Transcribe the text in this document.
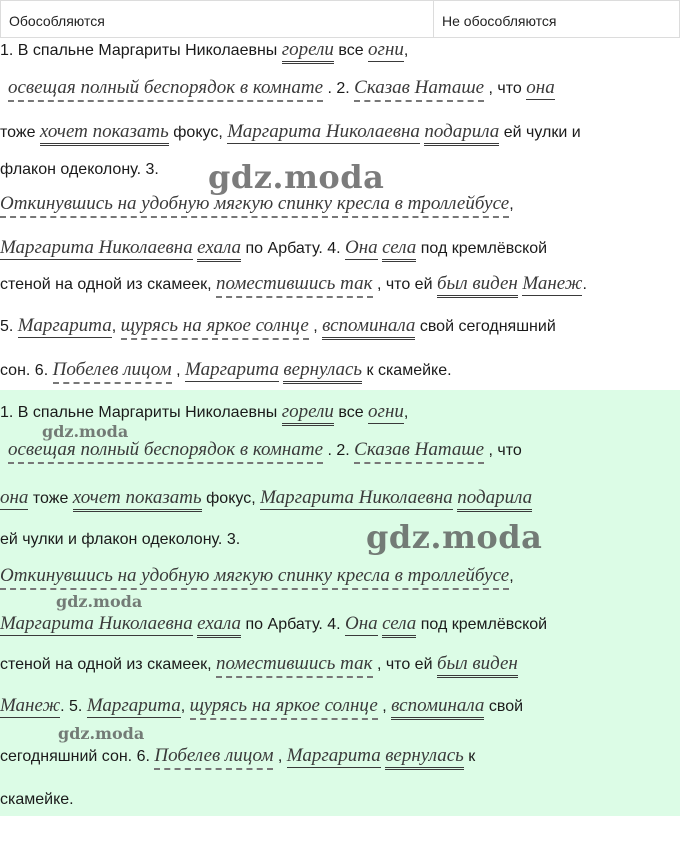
Обособляются	Не обособляются
1. В спальне Маргариты Николаевны горели все огни,
освещая полный беспорядок в комнате . 2. Сказав Наташе , что она
тоже хочет показать фокус, Маргарита Николаевна подарила ей чулки и
флакон одеколону. 3.
Откинувшись на удобную мягкую спинку кресла в троллейбусе,
Маргарита Николаевна ехала по Арбату. 4. Она села под кремлёвской
стеной на одной из скамеек, поместившись так , что ей был виден Манеж.
5. Маргарита, щурясь на яркое солнце , вспоминала свой сегодняшний
сон. 6. Побелев лицом , Маргарита вернулась к скамейке.
gdz.moda
1. В спальне Маргариты Николаевны горели все огни,
освещая полный беспорядок в комнате . 2. Сказав Наташе , что
она тоже хочет показать фокус, Маргарита Николаевна подарила
ей чулки и флакон одеколону. 3.
Откинувшись на удобную мягкую спинку кресла в троллейбусе,
Маргарита Николаевна ехала по Арбату. 4. Она села под кремлёвской
стеной на одной из скамеек, поместившись так , что ей был виден
Манеж. 5. Маргарита, щурясь на яркое солнце , вспоминала свой
сегодняшний сон. 6. Побелев лицом , Маргарита вернулась к
скамейке.
gdz.moda
gdz.moda
gdz.moda
gdz.moda
